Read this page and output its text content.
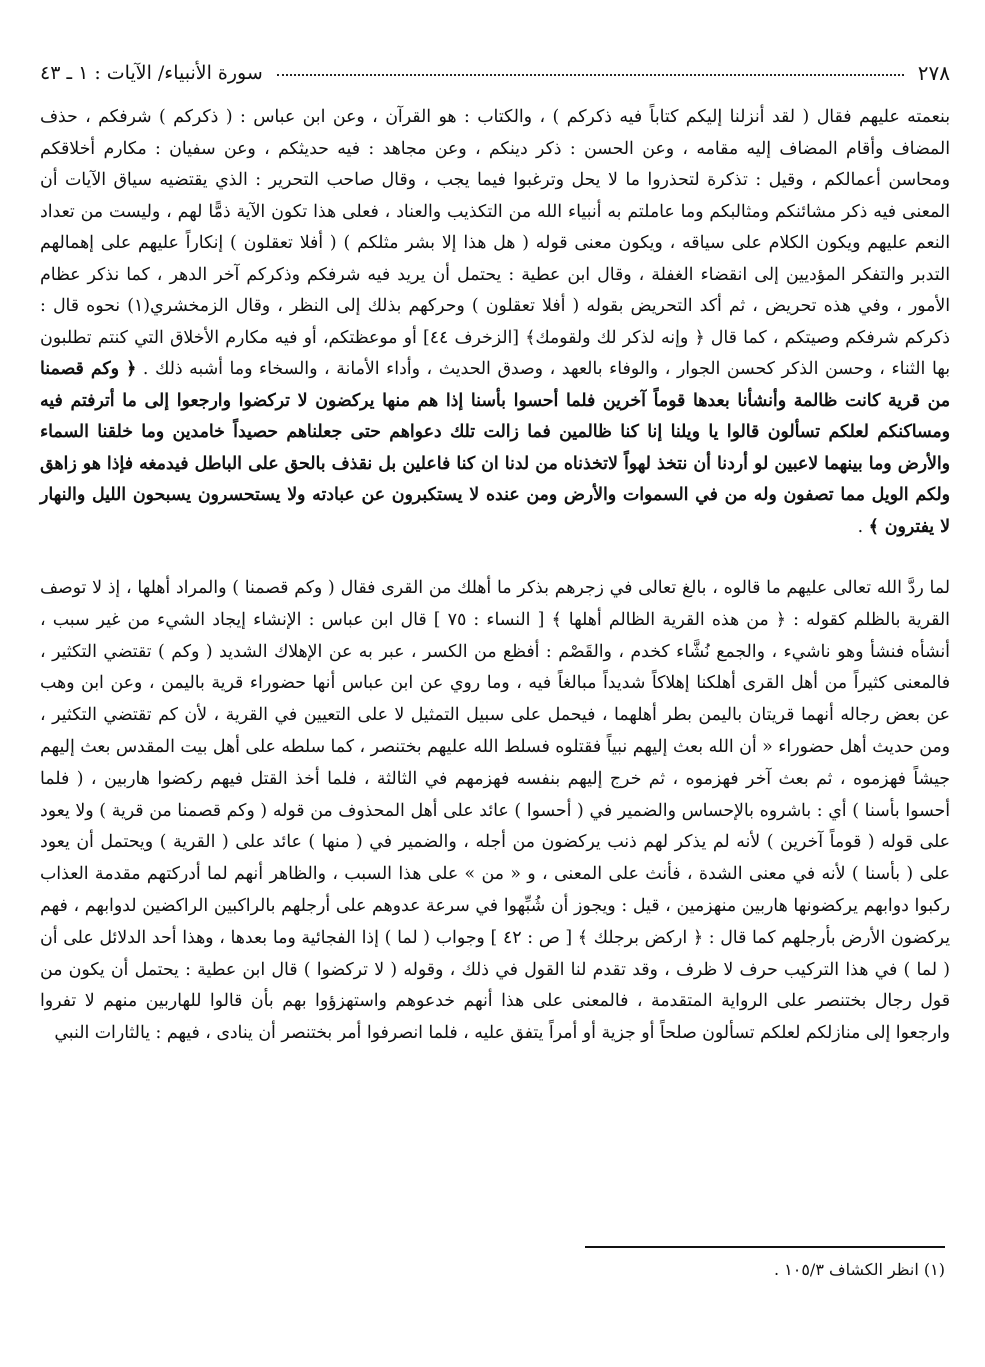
٢٧٨
سورة الأنبياء/ الآيات : ١ ـ ٤٣

بنعمته عليهم فقال ( لقد أنزلنا إليكم كتاباً فيه ذكركم ) ، والكتاب : هو القرآن ، وعن ابن عباس : ( ذكركم ) شرفكم ، حذف المضاف وأقام المضاف إليه مقامه ، وعن الحسن : ذكر دينكم ، وعن مجاهد : فيه حديثكم ، وعن سفيان : مكارم أخلاقكم ومحاسن أعمالكم ، وقيل : تذكرة لتحذروا ما لا يحل وترغبوا فيما يجب ، وقال صاحب التحرير : الذي يقتضيه سياق الآيات أن المعنى فيه ذكر مشائنكم ومثالبكم وما عاملتم به أنبياء الله من التكذيب والعناد ، فعلى هذا تكون الآية ذمًّا لهم ، وليست من تعداد النعم عليهم ويكون الكلام على سياقه ، ويكون معنى قوله ( هل هذا إلا بشر مثلكم ) ( أفلا تعقلون ) إنكاراً عليهم على إهمالهم التدبر والتفكر المؤديين إلى انقضاء الغفلة ، وقال ابن عطية : يحتمل أن يريد فيه شرفكم وذكركم آخر الدهر ، كما نذكر عظام الأمور ، وفي هذه تحريض ، ثم أكد التحريض بقوله ( أفلا تعقلون ) وحركهم بذلك إلى النظر ، وقال الزمخشري(١) نحوه قال : ذكركم شرفكم وصيتكم ، كما قال ﴿ وإنه لذكر لك ولقومك﴾ [الزخرف ٤٤] أو موعظتكم، أو فيه مكارم الأخلاق التي كنتم تطلبون بها الثناء ، وحسن الذكر كحسن الجوار ، والوفاء بالعهد ، وصدق الحديث ، وأداء الأمانة ، والسخاء وما أشبه ذلك . ﴿ وكم قصمنا من قرية كانت ظالمة وأنشأنا بعدها قوماً آخرين فلما أحسوا بأسنا إذا هم منها يركضون لا تركضوا وارجعوا إلى ما أترفتم فيه ومساكنكم لعلكم تسألون قالوا يا ويلنا إنا كنا ظالمين فما زالت تلك دعواهم حتى جعلناهم حصيداً خامدين وما خلقنا السماء والأرض وما بينهما لاعبين لو أردنا أن نتخذ لهواً لاتخذناه من لدنا ان كنا فاعلين بل نقذف بالحق على الباطل فيدمغه فإذا هو زاهق ولكم الويل مما تصفون وله من في السموات والأرض ومن عنده لا يستكبرون عن عبادته ولا يستحسرون يسبحون الليل والنهار لا يفترون ﴾ .

لما ردَّ الله تعالى عليهم ما قالوه ، بالغ تعالى في زجرهم بذكر ما أهلك من القرى فقال ( وكم قصمنا ) والمراد أهلها ، إذ لا توصف القرية بالظلم كقوله : ﴿ من هذه القرية الظالم أهلها ﴾ [ النساء : ٧٥ ] قال ابن عباس : الإنشاء إيجاد الشيء من غير سبب ، أنشأه فنشأ وهو ناشيء ، والجمع نُشَّاء كخدم ، والقَصْم : أفظع من الكسر ، عبر به عن الإهلاك الشديد ( وكم ) تقتضي التكثير ، فالمعنى كثيراً من أهل القرى أهلكنا إهلاكاً شديداً مبالغاً فيه ، وما روي عن ابن عباس أنها حضوراء قرية باليمن ، وعن ابن وهب عن بعض رجاله أنهما قريتان باليمن بطر أهلهما ، فيحمل على سبيل التمثيل لا على التعيين في القرية ، لأن كم تقتضي التكثير ، ومن حديث أهل حضوراء « أن الله بعث إليهم نبياً فقتلوه فسلط الله عليهم بختنصر ، كما سلطه على أهل بيت المقدس بعث إليهم جيشاً فهزموه ، ثم بعث آخر فهزموه ، ثم خرج إليهم بنفسه فهزمهم في الثالثة ، فلما أخذ القتل فيهم ركضوا هاربين ، ( فلما أحسوا بأسنا ) أي : باشروه بالإحساس والضمير في ( أحسوا ) عائد على أهل المحذوف من قوله ( وكم قصمنا من قرية ) ولا يعود على قوله ( قوماً آخرين ) لأنه لم يذكر لهم ذنب يركضون من أجله ، والضمير في ( منها ) عائد على ( القرية ) ويحتمل أن يعود على ( بأسنا ) لأنه في معنى الشدة ، فأنث على المعنى ، و « من » على هذا السبب ، والظاهر أنهم لما أدركتهم مقدمة العذاب ركبوا دوابهم يركضونها هاربين منهزمين ، قيل : ويجوز أن شُبِّهوا في سرعة عدوهم على أرجلهم بالراكبين الراكضين لدوابهم ، فهم يركضون الأرض بأرجلهم كما قال : ﴿ اركض برجلك ﴾ [ ص : ٤٢ ] وجواب ( لما ) إذا الفجائية وما بعدها ، وهذا أحد الدلائل على أن ( لما ) في هذا التركيب حرف لا ظرف ، وقد تقدم لنا القول في ذلك ، وقوله ( لا تركضوا ) قال ابن عطية : يحتمل أن يكون من قول رجال بختنصر على الرواية المتقدمة ، فالمعنى على هذا أنهم خدعوهم واستهزؤوا بهم بأن قالوا للهاربين منهم لا تفروا وارجعوا إلى منازلكم لعلكم تسألون صلحاً أو جزية أو أمراً يتفق عليه ، فلما انصرفوا أمر بختنصر أن ينادى ، فيهم : يالثارات النبي

(١) انظر الكشاف ١٠٥/٣ .
